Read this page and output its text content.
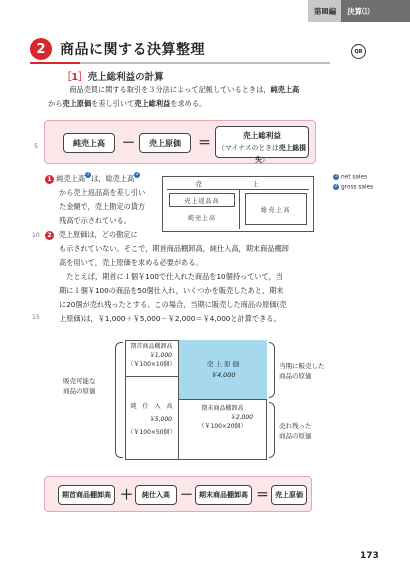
第Ⅲ編	決算⑴
2	商品に関する決算整理	QR
［1］売上総利益の計算
　商品売買に関する取引を３分法によって記帳しているときは，純売上高
から売上原価を差し引いて売上総利益を求める。
5	純売上高	－	売上原価	＝
売上総利益
（マイナスのときは売上総損失）
1 純売上高 1 は，総売上高 2
から売上返品高を差し引い
た金額で，売上勘定の貸方
残高で示されている。
売　上
売上返品高
純売上高
総売上高
1 net sales
2 gross sales
10	2 売上原価は，どの勘定に
も示されていない。そこで，期首商品棚卸高，純仕入高，期末商品棚卸
高を用いて，売上原価を求める必要がある。
　たとえば，期首に１個￥100で仕入れた商品を10個持っていて，当
期に１個￥100の商品を50個仕入れ，いくつかを販売したあと，期末
に20個が売れ残ったとする。この場合，当期に販売した商品の原価(売
上原価)は，￥1,000＋￥5,000－￥2,000＝￥4,000と計算できる。
15
販売可能な
商品の原価
売 上 原 価
￥4,000
期首商品棚卸高
￥1,000
（￥100×10個）
純　仕　入　高
￥5,000
（￥100×50個）
期末商品棚卸高
￥2,000
（￥100×20個）
当期に販売した
商品の原価
売れ残った
商品の原価
期首商品棚卸高 ＋	純仕入高 － 期末商品棚卸高 ＝ 売上原価
173
